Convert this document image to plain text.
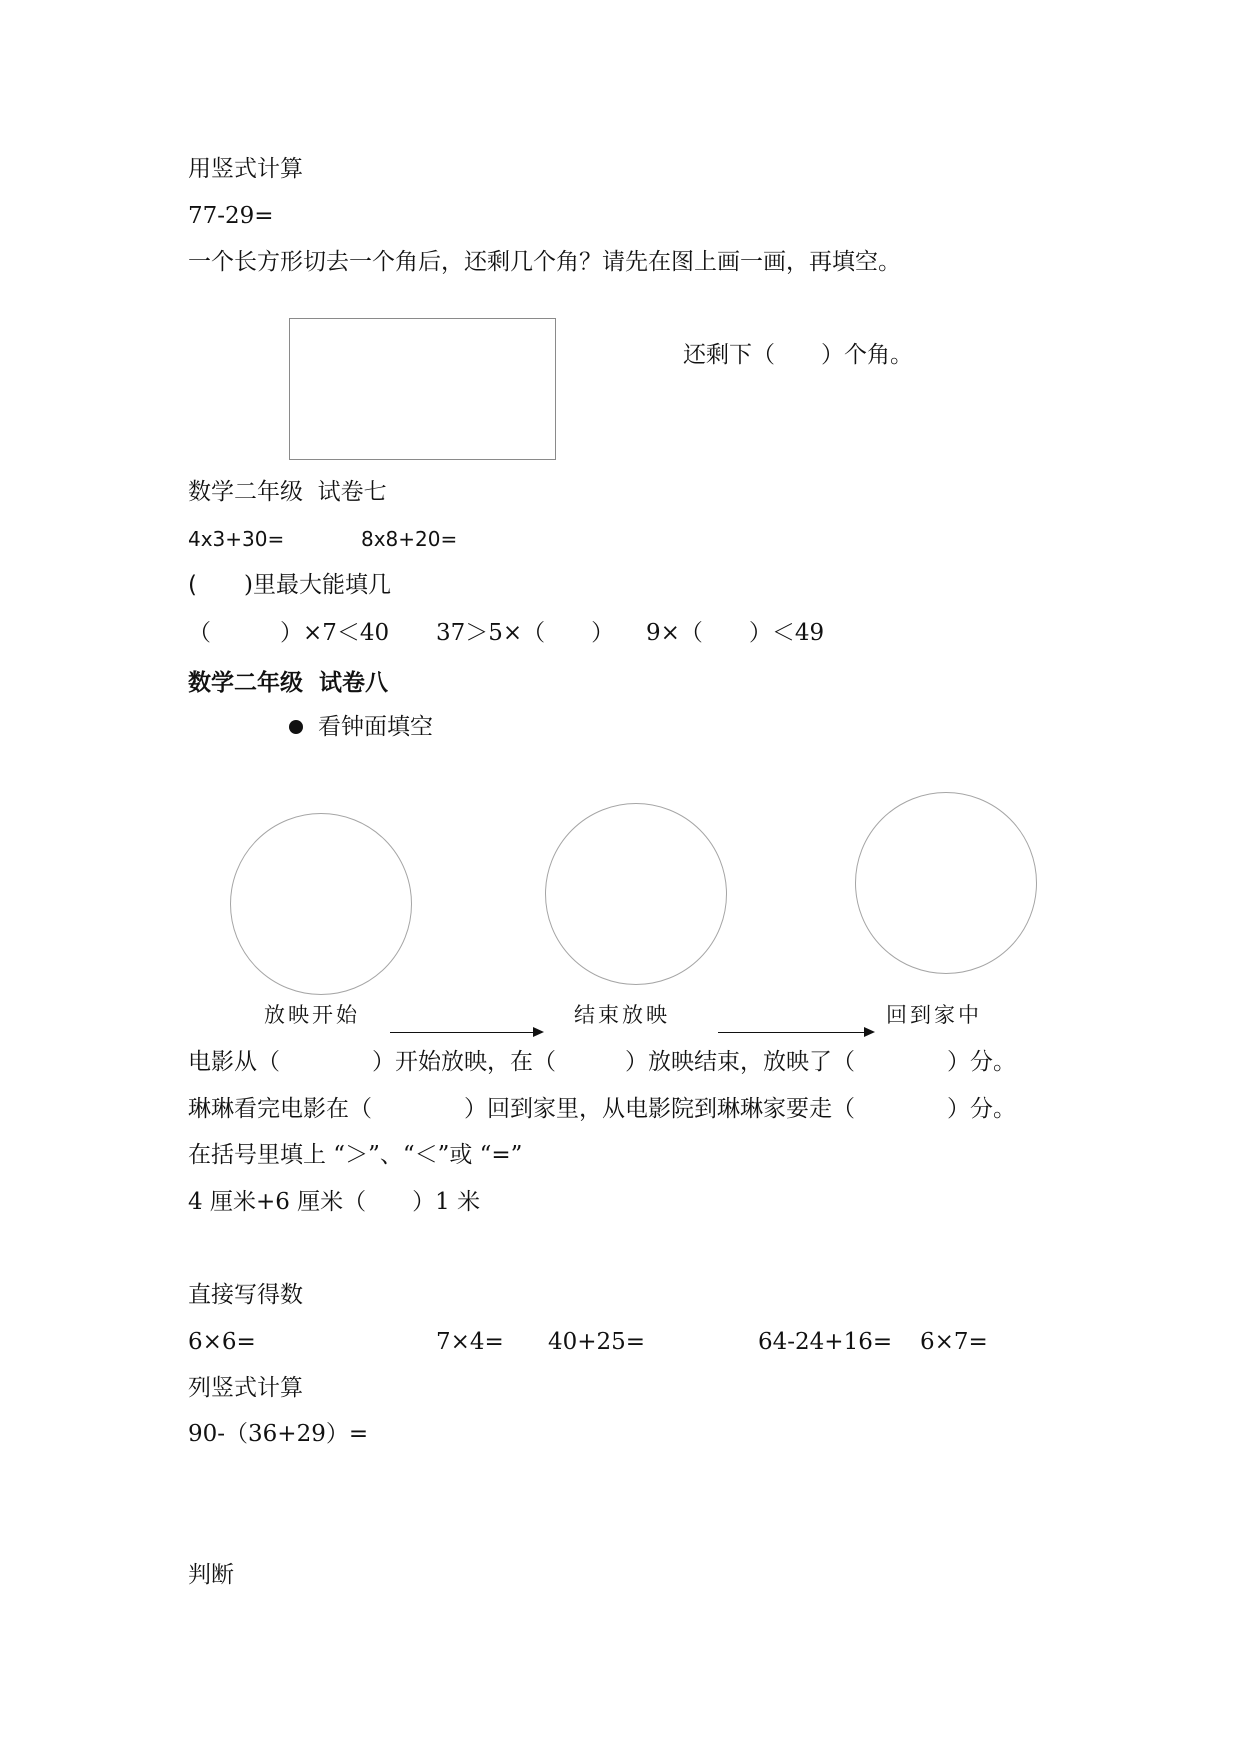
用竖式计算

77-29=

一个长方形切去一个角后，还剩几个角？请先在图上画一画，再填空。

还剩下（　　）个角。

数学二年级  试卷七

4x3+30=	8x8+20=

( )里最大能填几

（　　　）×7＜40 37＞5×（　　） 9×（　　）＜49

数学二年级  试卷八

看钟面填空

放映开始	结束放映	回到家中

电影从（　　　　）开始放映，在（　　　）放映结束，放映了（　　　　）分。

琳琳看完电影在（　　　　）回到家里，从电影院到琳琳家要走（　　　　）分。

在括号里填上 “＞”、“＜”或 “=”

4 厘米+6 厘米（　　）1 米

直接写得数

6×6=	7×4= 40+25=	64-24+16= 6×7=

列竖式计算

90-（36+29）=

判断
